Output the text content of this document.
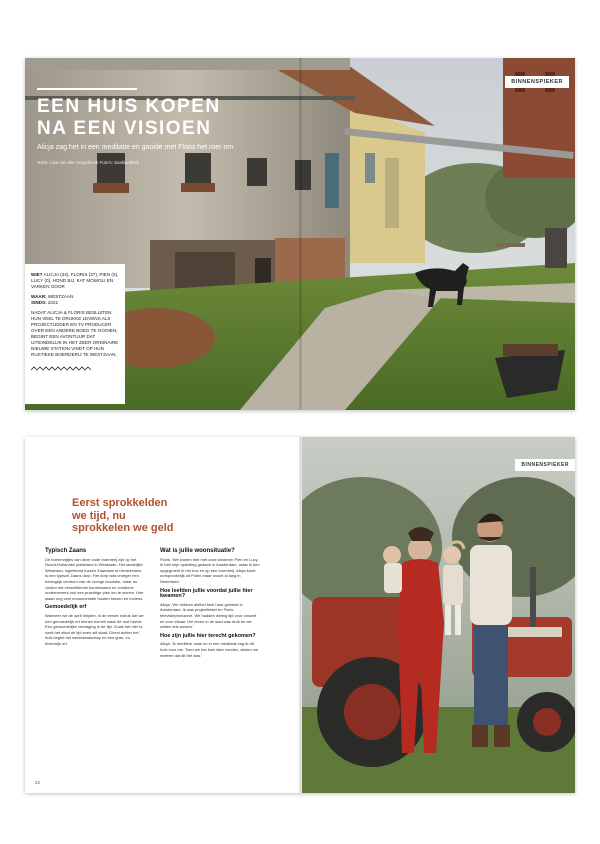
BINNENSPIEKER
EEN HUIS KOPEN
NA EEN VISIOEN
Alicja zag het in een meditatie en gooide met Floris het roer om
Tekst: Lisa van der Hooydonck Foto's: Saskia Beek

WIE? ALICJA (34), FLORIS (37), PIEN (5), LUCY (0), HOND BIJ, KAT MOWGLI EN VARKEN GOOR

WAAR: WESTZAAN
SINDS: 2021

NADAT ALICJA & FLORIS BESLUITEN HUN VEEL TE DRUKKE LEVENS ALS PROJECTLEIDER EN TV PRODUCER OVER EEN ANDERE BOEG TE GOOIEN, BEGINT EEN AVONTUUR DAT UITEINDELIJK IN HET ZEER ORDINAIRE NIEUWE STATION VINDT OP HUN RUSTIEKE BOERDERIJ TE WESTZAAN.

Eerst sprokkelden
we tijd, nu
sprokkelen we geld
Typisch Zaans

De boerenrijtjes van deze oude boerderij zijn op het Noord-Hollandse platteland in Westzaan. Het landelijke Westzaan, ingeklemd tussen Zaandam en Amsterdam, is een typisch Zaans dorp. Het dorp was vroeger een belangrijk centrum van de vroege industrie, maar nu vinden het verschillende kunstenaars en creatieve ondernemers ook een prachtige plek om te wonen. Hier staan nog veel monumentale houten huizen en molens.

Gemoedelijk erf

Wanneer we de oprit inrijden, is de eerste indruk dat we een gemoedelijk erf binnen komen waar de rust heerst. Een gemoedelijke vertraging in de tijd. Zoals het hier is, voelt het alsof de tijd even stil staat. Direct achter het huis begint het weidelandschap en een gras- en bloemrijk erf.

Wat is jullie woonsituatie?

Floris: 'We wonen hier met onze kinderen Pien en Lucy. Ik heb mijn opleiding gedaan in Amsterdam, maar ik ben opgegroeid in het bos en op een boerderij. Alicja komt oorspronkelijk uit Polen maar woont al lang in Nederland.'

Hoe leefden jullie voordat jullie hier kwamen?

Alicja: 'We hebben allebei heel hard gewerkt in Amsterdam. Ik was projectleider en Floris televisieproducent. We hadden weinig tijd voor onszelf en voor elkaar. Het leven in de stad was druk en we wilden iets anders.'

Hoe zijn jullie hier terecht gekomen?

Alicja: 'Ik meditere vaak en in een meditatie zag ik dit huis voor me. Toen we het huis later vonden, wisten we meteen dat dit het was.'

22
BINNENSPIEKER
